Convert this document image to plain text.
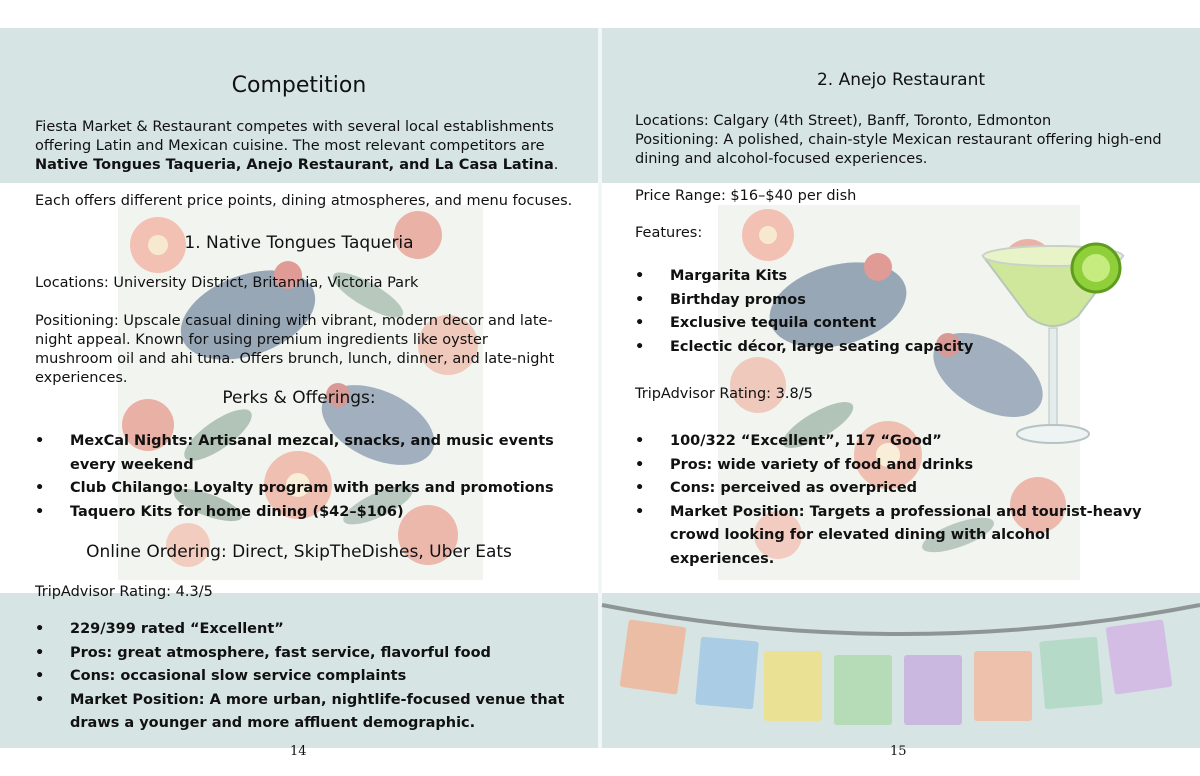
Competition
Fiesta Market & Restaurant competes with several local establishments offering Latin and Mexican cuisine. The most relevant competitors are Native Tongues Taqueria, Anejo Restaurant, and La Casa Latina.
Each offers different price points, dining atmospheres, and menu focuses.
1. Native Tongues Taqueria
Locations: University District, Britannia, Victoria Park
Positioning: Upscale casual dining with vibrant, modern decor and late-night appeal. Known for using premium ingredients like oyster mushroom oil and ahi tuna. Offers brunch, lunch, dinner, and late-night experiences.
Perks & Offerings:
• MexCal Nights: Artisanal mezcal, snacks, and music events every weekend
• Club Chilango: Loyalty program with perks and promotions
• Taquero Kits for home dining ($42–$106)
Online Ordering: Direct, SkipTheDishes, Uber Eats
TripAdvisor Rating: 4.3/5
• 229/399 rated “Excellent”
• Pros: great atmosphere, fast service, flavorful food
• Cons: occasional slow service complaints
• Market Position: A more urban, nightlife-focused venue that draws a younger and more affluent demographic.
14
2. Anejo Restaurant
Locations: Calgary (4th Street), Banff, Toronto, Edmonton
Positioning: A polished, chain-style Mexican restaurant offering high-end dining and alcohol-focused experiences.
Price Range: $16–$40 per dish
Features:
• Margarita Kits
• Birthday promos
• Exclusive tequila content
• Eclectic décor, large seating capacity
TripAdvisor Rating: 3.8/5
• 100/322 “Excellent”, 117 “Good”
• Pros: wide variety of food and drinks
• Cons: perceived as overpriced
• Market Position: Targets a professional and tourist-heavy crowd looking for elevated dining with alcohol experiences.
15
